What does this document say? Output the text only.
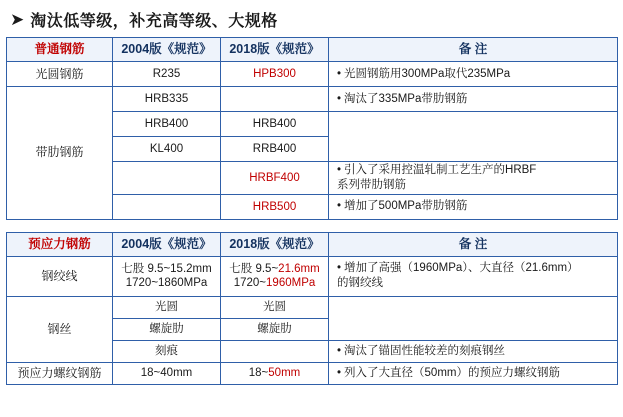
➤ 淘汰低等级，补充高等级、大规格
普通钢筋	2004版《规范》	2018版《规范》	备 注
光圆钢筋	R235	HPB300	• 光圆钢筋用300MPa取代235MPa

带肋钢筋	HRB335		• 淘汰了335MPa带肋钢筋

	HRB400	HRB400	
	KL400	RRB400	
		HRBF400	• 引入了采用控温轧制工艺生产的HRBF
系列带肋钢筋

		HRB500	• 增加了500MPa带肋钢筋
预应力钢筋	2004版《规范》	2018版《规范》	备 注
钢绞线	七股 9.5~15.2mm
1720~1860MPa	七股 9.5~21.6mm
1720~1960MPa	• 增加了高强（1960MPa）、大直径（21.6mm）
的钢绞线

钢丝	光圆	光圆	
	螺旋肋	螺旋肋	
	刻痕		• 淘汰了锚固性能较差的刻痕钢丝

预应力螺纹钢筋	18~40mm	18~50mm	• 列入了大直径（50mm）的预应力螺纹钢筋
